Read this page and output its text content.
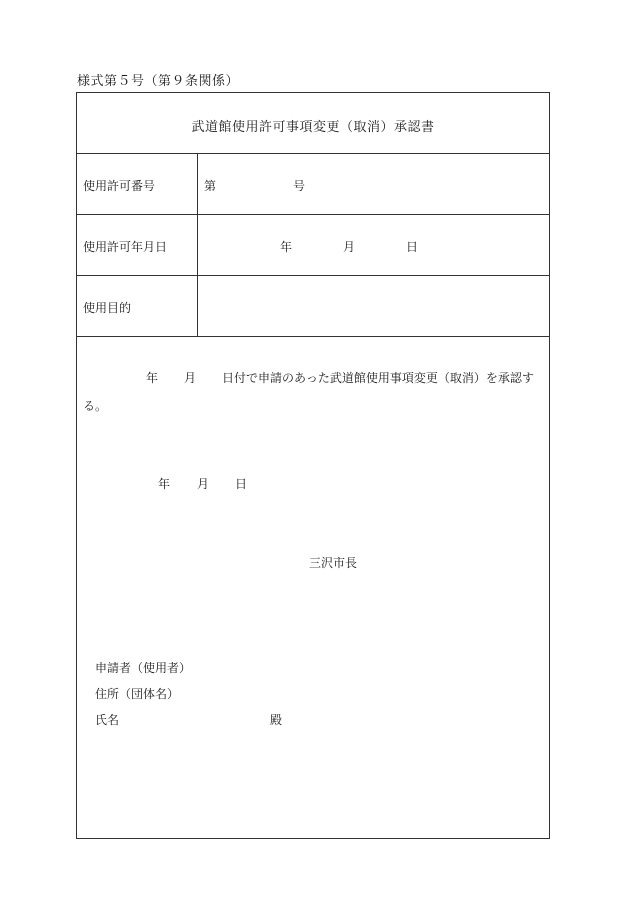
様式第５号（第９条関係）
武道館使用許可事項変更（取消）承認書
使用許可番号	第	号
使用許可年月日	年	月	日
使用目的
年 月 日付で申請のあった武道館使用事項変更（取消）を承認す
る。
年 月 日
三沢市長
申請者（使用者）
住所（団体名）
氏名	殿
